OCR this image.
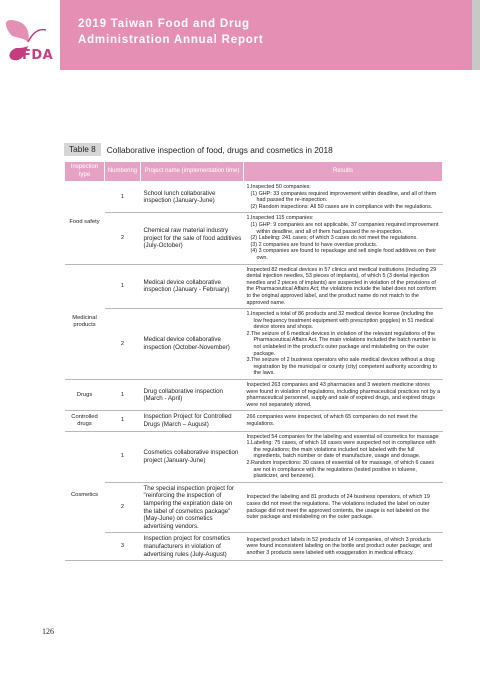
FDA
2019 Taiwan Food and Drug
Administration Annual Report
Table 8	Collaborative inspection of food, drugs and cosmetics in 2018
Inspection type	Numbering	Project name (implementation time)	Results
Food safety	1	School lunch collaborative inspection (January-June)	1.Inspected 50 companies:
(1) GHP: 33 companies required improvement within deadline, and all of them had passed the re-inspection.
(2) Random inspections: All 50 cases are in compliance with the regulations.

	2	Chemical raw material industry project for the sale of food additives (July-October)	1.Inspected 115 companies:
(1) GHP: 9 companies are not applicable, 37 companies required improvement within deadline, and all of them had passed the re-inspection.
(2) Labeling: 241 cases; of which 3 cases do not meet the regulations.
(3) 2 companies are found to have overdue products.
(4) 3 companies are found to repackage and sell single food additives on their own.

Medicinal products	1	Medical device collaborative inspection (January - February)	Inspected 82 medical devices in 57 clinics and medical institutions (including 29 dental injection needles, 53 pieces of implants), of which 5 (3 dental injection needles and 2 pieces of implants) are suspected in violation of the provisions of the Pharmaceutical Affairs Act; the violations include the label does not conform to the original approved label, and the product name do not match to the approved name.

	2	Medical device collaborative inspection (October-November)	1.Inspected a total of 86 products and 32 medical device license (including the low frequency treatment equipment with prescription goggles) in 51 medical device stores and shops.
2.The seizure of 6 medical devices in violation of the relevant regulations of the Pharmaceutical Affairs Act. The main violations included the batch number is not unlabeled in the product's outer package and mislabeling on the outer package.
3.The seizure of 2 business operators who sale medical devices without a drug registration by the municipal or county (city) competent authority according to the laws.

Drugs	1	Drug collaborative inspection (March - April)	Inspected 263 companies and 43 pharmacies and 3 western medicine stores were found in violation of regulations, including pharmaceutical practices not by a pharmaceutical personnel, supply and sale of expired drugs, and expired drugs were not separately stored.

Controlled drugs	1	Inspection Project for Controlled Drugs (March – August)	266 companies were inspected, of which 65 companies do not meet the regulations.

Cosmetics	1	Cosmetics collaborative inspection project (January-June)	Inspected 54 companies for the labeling and essential oil cosmetics for massage
1.Labeling: 75 cases, of which 18 cases were suspected not in compliance with the regulations; the main violations included not labeled with the full ingredients, batch number or date of manufacture, usage and dosage.
2.Random inspections: 30 cases of essential oil for massage, of which 6 cases are not in compliance with the regulations (tested positive in toluene, plasticizer, and benzene).

	2	The special inspection project for "reinforcing the inspection of tampering the expiration date on the label of cosmetics package" (May-June) on cosmetics advertising vendors.	Inspected the labeling and 81 products of 24 business operators, of which 19 cases did not meet the regulations. The violations included the label on outer package did not meet the approved contents, the usage is not labeled on the outer package and mislabeling on the outer package.

	3	Inspection project for cosmetics manufacturers in violation of advertising rules (July-August)	Inspected product labels in 52 products of 14 companies, of which 3 products were found inconsistent labeling on the bottle and product outer package; and another 3 products were labeled with exaggeration in medical efficacy.
126
